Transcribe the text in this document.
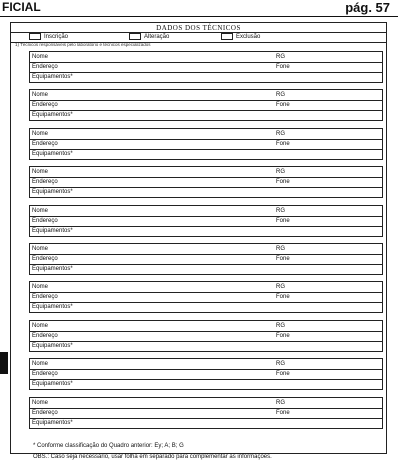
FICIAL	pág. 57
DADOS DOS TÉCNICOS
Inscrição	Alteração	Exclusão
1) Técnicos responsáveis pelo laboratório e técnicos especializados
Nome	RG
Endereço	Fone
Equipamentos*
Nome	RG
Endereço	Fone
Equipamentos*
Nome	RG
Endereço	Fone
Equipamentos*
Nome	RG
Endereço	Fone
Equipamentos*
Nome	RG
Endereço	Fone
Equipamentos*
Nome	RG
Endereço	Fone
Equipamentos*
Nome	RG
Endereço	Fone
Equipamentos*
Nome	RG
Endereço	Fone
Equipamentos*
Nome	RG
Endereço	Fone
Equipamentos*
Nome	RG
Endereço	Fone
Equipamentos*
* Conforme classificação do Quadro anterior: Ey; A; B; G
OBS.: Caso seja necessário, usar folha em separado para complementar as informações.
